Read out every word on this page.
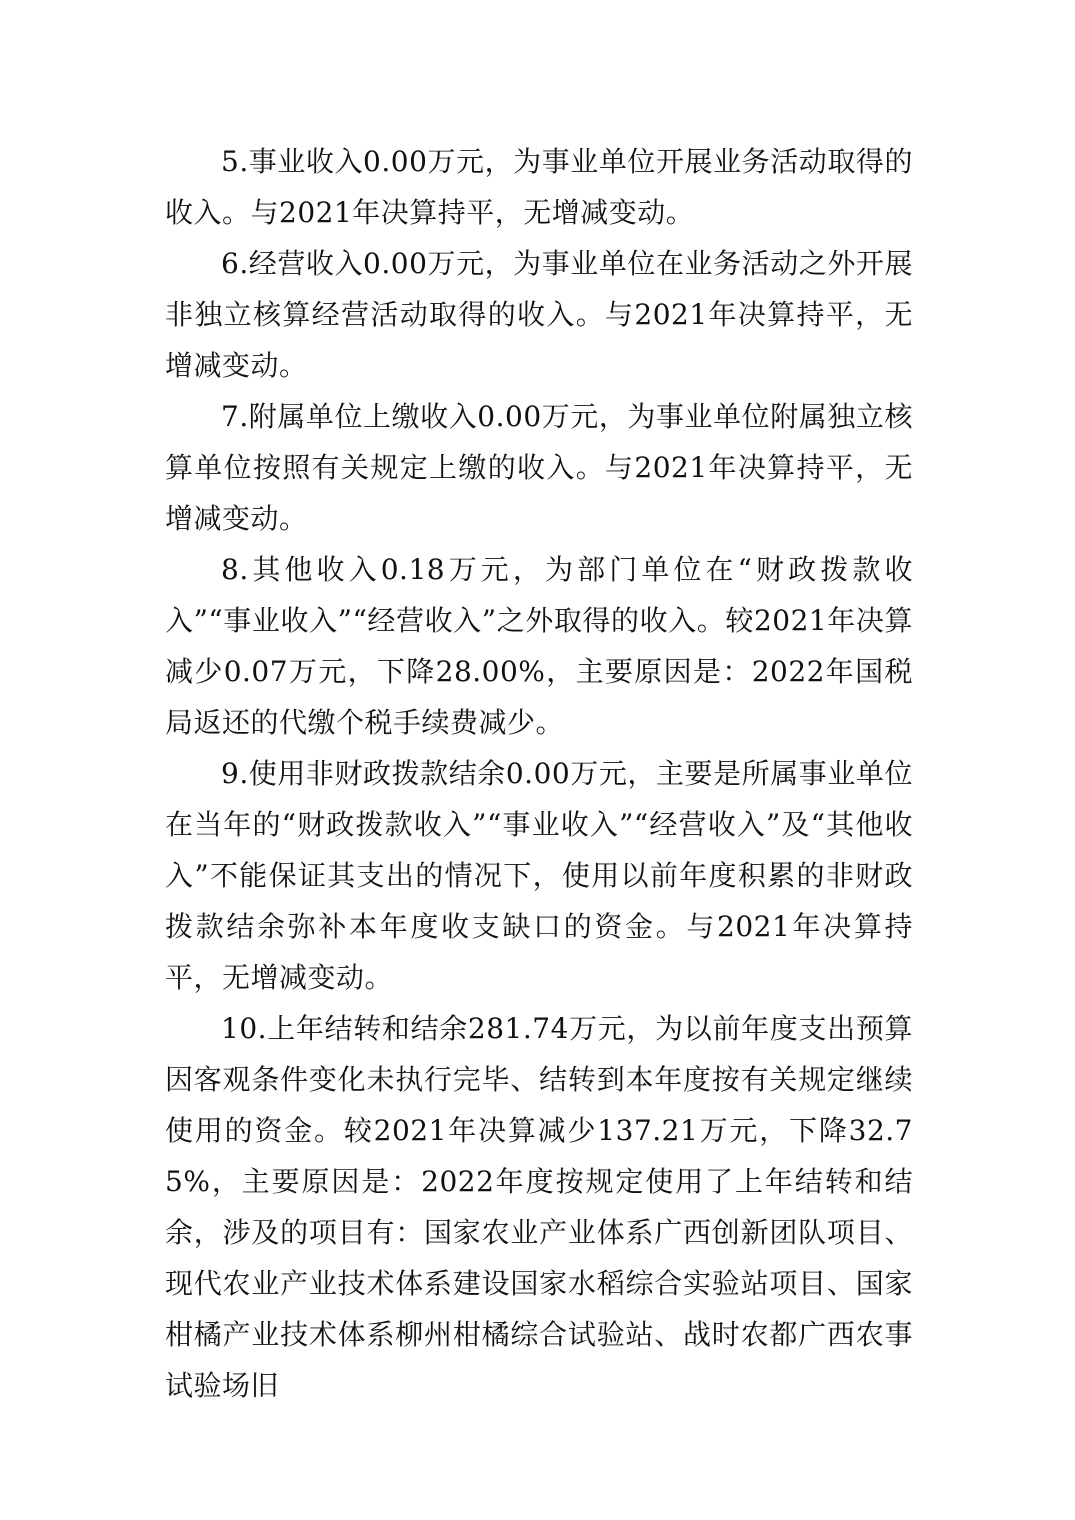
5.事业收入0.00万元，为事业单位开展业务活动取得的收入。与2021年决算持平，无增减变动。

6.经营收入0.00万元，为事业单位在业务活动之外开展非独立核算经营活动取得的收入。与2021年决算持平，无增减变动。

7.附属单位上缴收入0.00万元，为事业单位附属独立核算单位按照有关规定上缴的收入。与2021年决算持平，无增减变动。

8.其他收入0.18万元，为部门单位在“财政拨款收入”“事业收入”“经营收入”之外取得的收入。较2021年决算减少0.07万元，下降28.00%，主要原因是：2022年国税局返还的代缴个税手续费减少。

9.使用非财政拨款结余0.00万元，主要是所属事业单位在当年的“财政拨款收入”“事业收入”“经营收入”及“其他收入”不能保证其支出的情况下，使用以前年度积累的非财政拨款结余弥补本年度收支缺口的资金。与2021年决算持平，无增减变动。

10.上年结转和结余281.74万元，为以前年度支出预算因客观条件变化未执行完毕、结转到本年度按有关规定继续使用的资金。较2021年决算减少137.21万元，下降32.75%，主要原因是：2022年度按规定使用了上年结转和结余，涉及的项目有：国家农业产业体系广西创新团队项目、现代农业产业技术体系建设国家水稻综合实验站项目、国家柑橘产业技术体系柳州柑橘综合试验站、战时农都广西农事试验场旧
